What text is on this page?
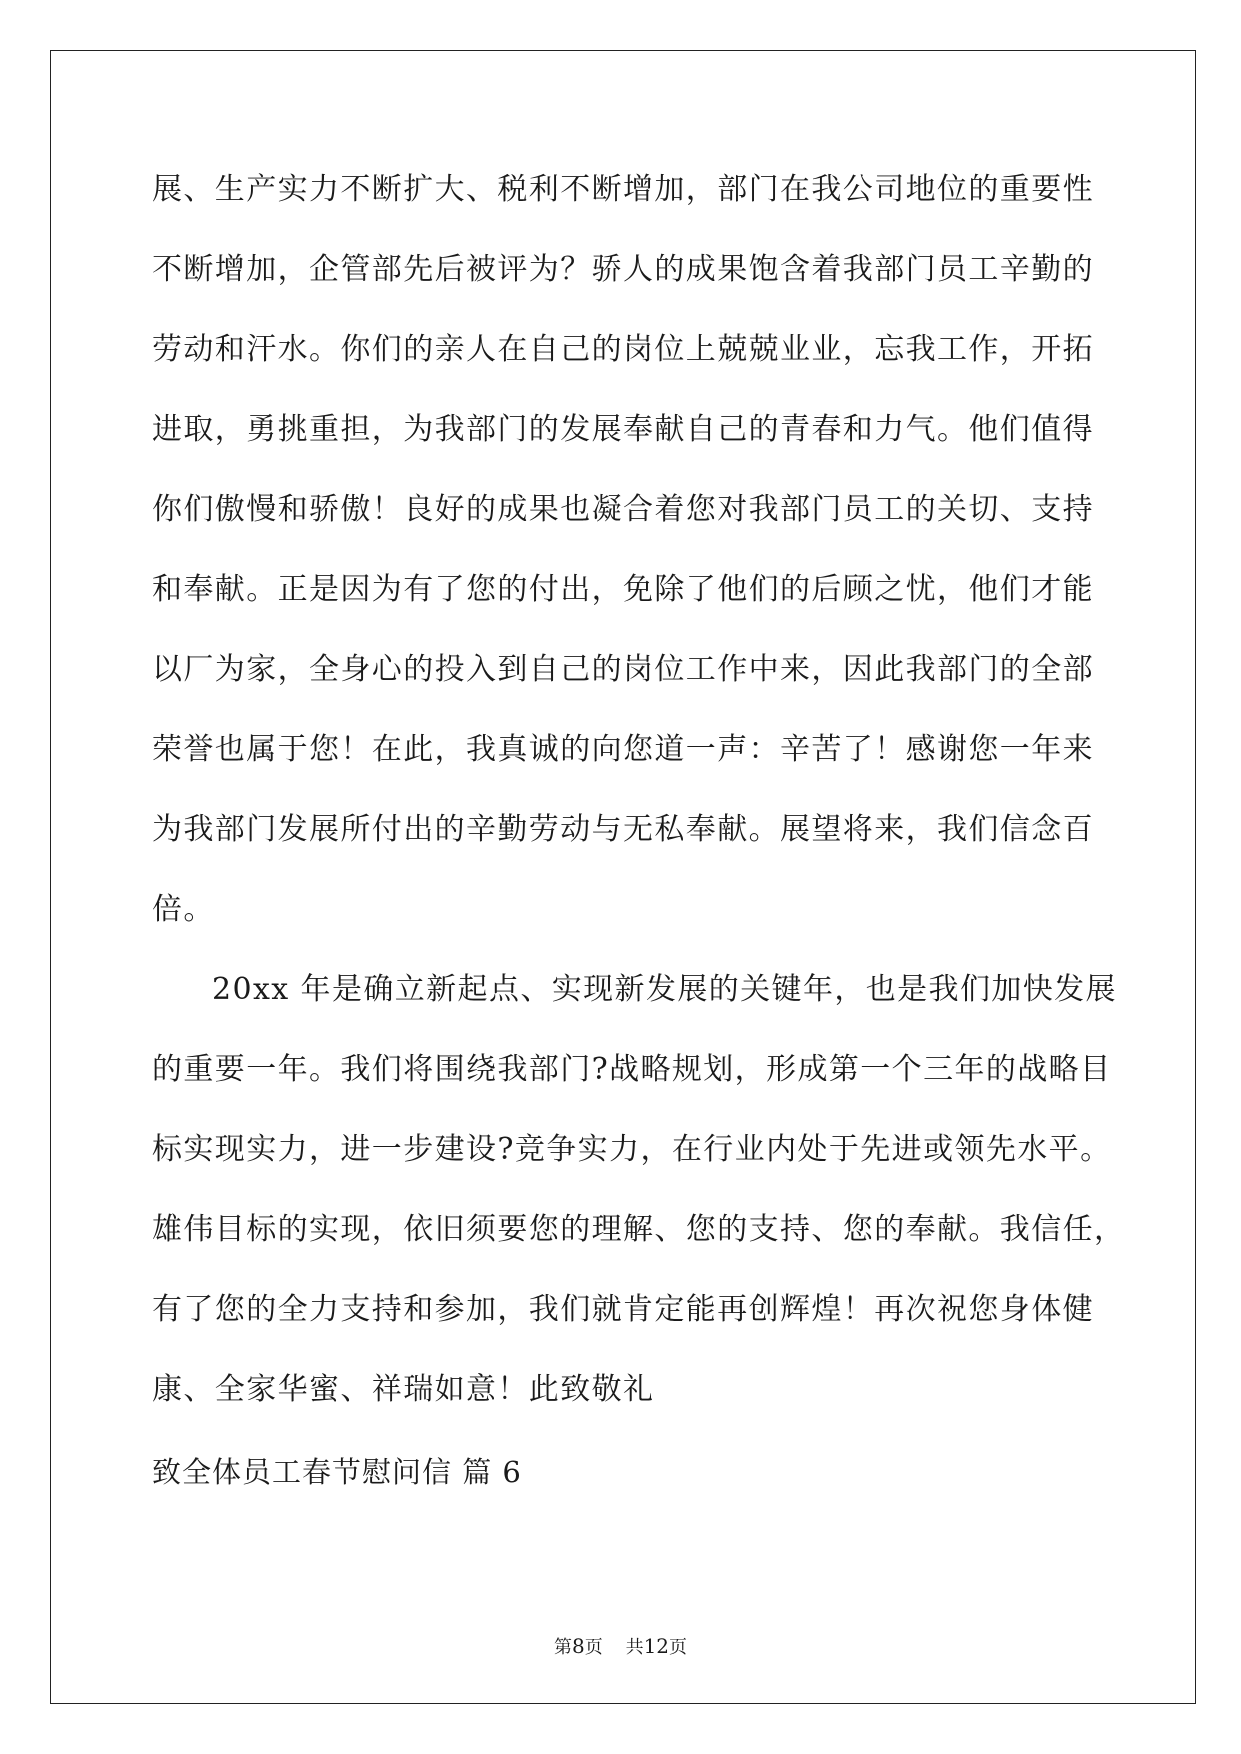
展、生产实力不断扩大、税利不断增加，部门在我公司地位的重要性

不断增加，企管部先后被评为？骄人的成果饱含着我部门员工辛勤的

劳动和汗水。你们的亲人在自己的岗位上兢兢业业，忘我工作，开拓

进取，勇挑重担，为我部门的发展奉献自己的青春和力气。他们值得

你们傲慢和骄傲！良好的成果也凝合着您对我部门员工的关切、支持

和奉献。正是因为有了您的付出，免除了他们的后顾之忧，他们才能

以厂为家，全身心的投入到自己的岗位工作中来，因此我部门的全部

荣誉也属于您！在此，我真诚的向您道一声：辛苦了！感谢您一年来

为我部门发展所付出的辛勤劳动与无私奉献。展望将来，我们信念百

倍。

20xx 年是确立新起点、实现新发展的关键年，也是我们加快发展

的重要一年。我们将围绕我部门?战略规划，形成第一个三年的战略目

标实现实力，进一步建设?竞争实力，在行业内处于先进或领先水平。

雄伟目标的实现，依旧须要您的理解、您的支持、您的奉献。我信任，

有了您的全力支持和参加，我们就肯定能再创辉煌！再次祝您身体健

康、全家华蜜、祥瑞如意！此致敬礼

致全体员工春节慰问信 篇 6

第8页 共12页
